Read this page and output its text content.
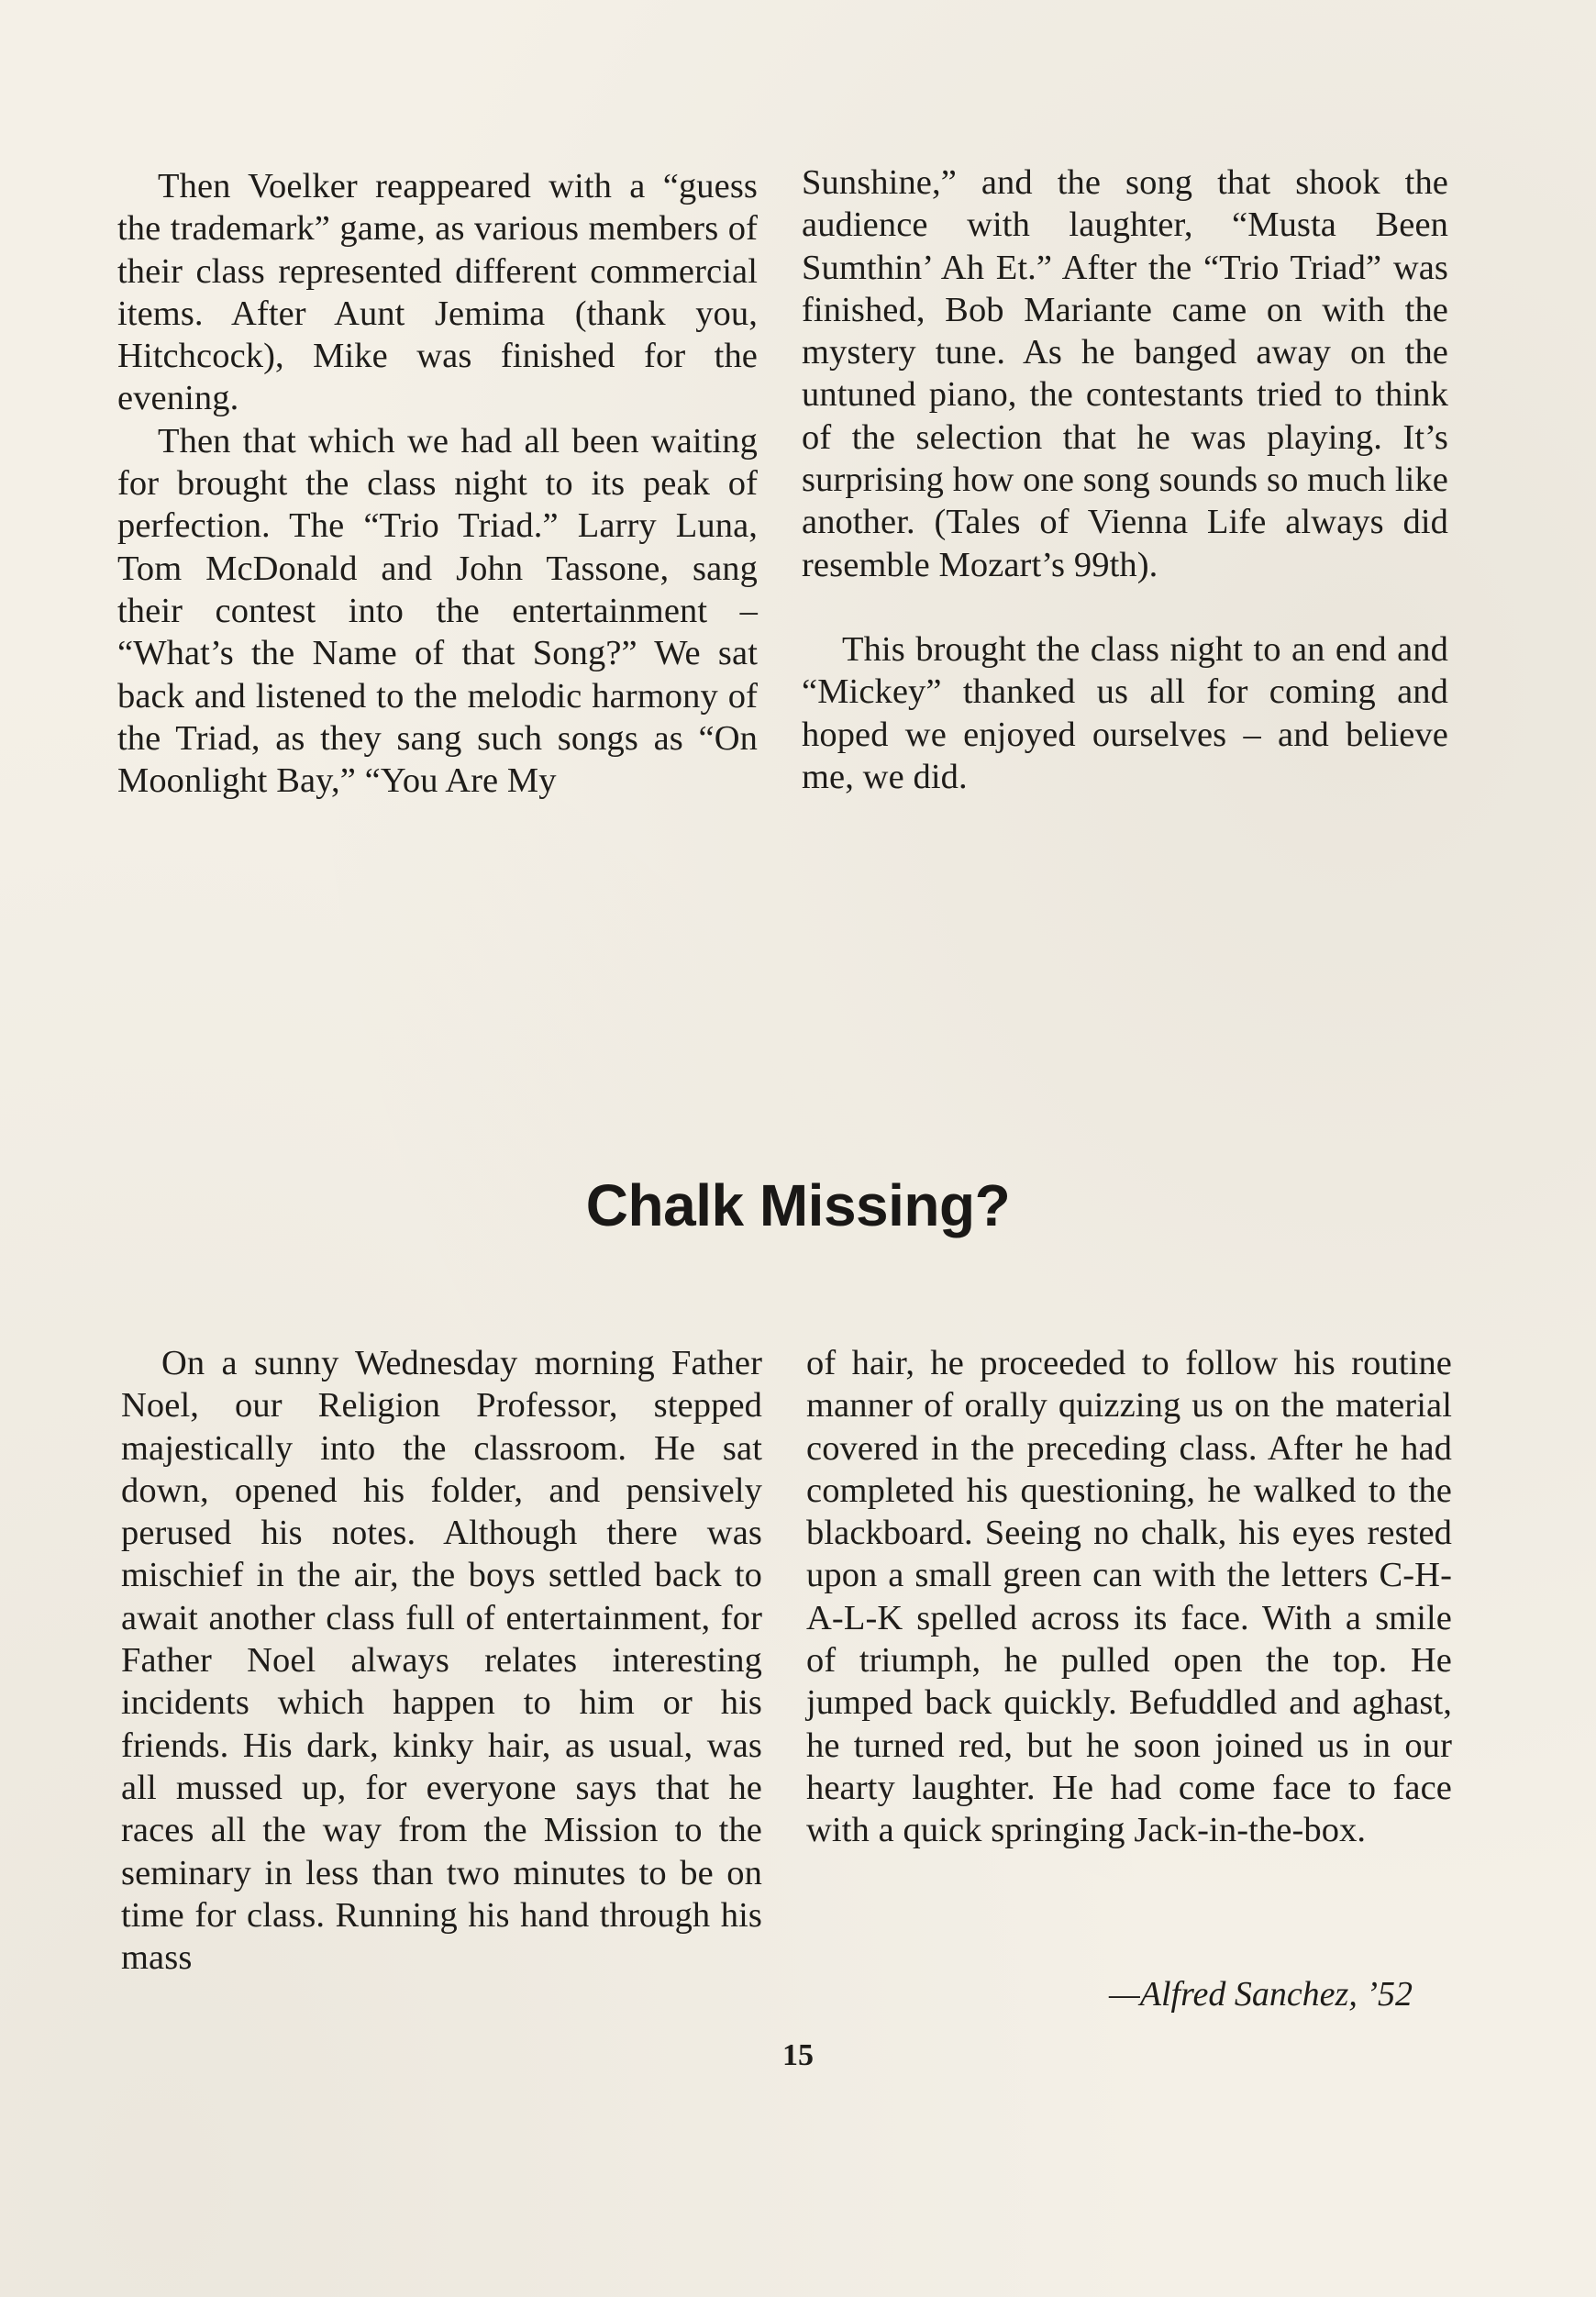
Then Voelker reappeared with a “guess the trademark” game, as various members of their class represented different commercial items. After Aunt Jemima (thank you, Hitchcock), Mike was finished for the evening.

Then that which we had all been waiting for brought the class night to its peak of perfection. The “Trio Triad.” Larry Luna, Tom McDonald and John Tassone, sang their contest into the entertainment – “What’s the Name of that Song?” We sat back and listened to the melodic harmony of the Triad, as they sang such songs as “On Moonlight Bay,” “You Are My

Sunshine,” and the song that shook the audience with laughter, “Musta Been Sumthin’ Ah Et.” After the “Trio Triad” was finished, Bob Mariante came on with the mystery tune. As he banged away on the untuned piano, the contestants tried to think of the selection that he was playing. It’s surprising how one song sounds so much like another. (Tales of Vienna Life always did resemble Mozart’s 99th).

This brought the class night to an end and “Mickey” thanked us all for coming and hoped we enjoyed ourselves – and believe me, we did.

Chalk Missing?

On a sunny Wednesday morning Father Noel, our Religion Professor, stepped majestically into the classroom. He sat down, opened his folder, and pensively perused his notes. Although there was mischief in the air, the boys settled back to await another class full of entertainment, for Father Noel always relates interesting incidents which happen to him or his friends. His dark, kinky hair, as usual, was all mussed up, for everyone says that he races all the way from the Mission to the seminary in less than two minutes to be on time for class. Running his hand through his mass

of hair, he proceeded to follow his routine manner of orally quizzing us on the material covered in the preceding class. After he had completed his questioning, he walked to the blackboard. Seeing no chalk, his eyes rested upon a small green can with the letters C-H-A-L-K spelled across its face. With a smile of triumph, he pulled open the top. He jumped back quickly. Befuddled and aghast, he turned red, but he soon joined us in our hearty laughter. He had come face to face with a quick springing Jack-in-the-box.

—Alfred Sanchez, ’52
15
